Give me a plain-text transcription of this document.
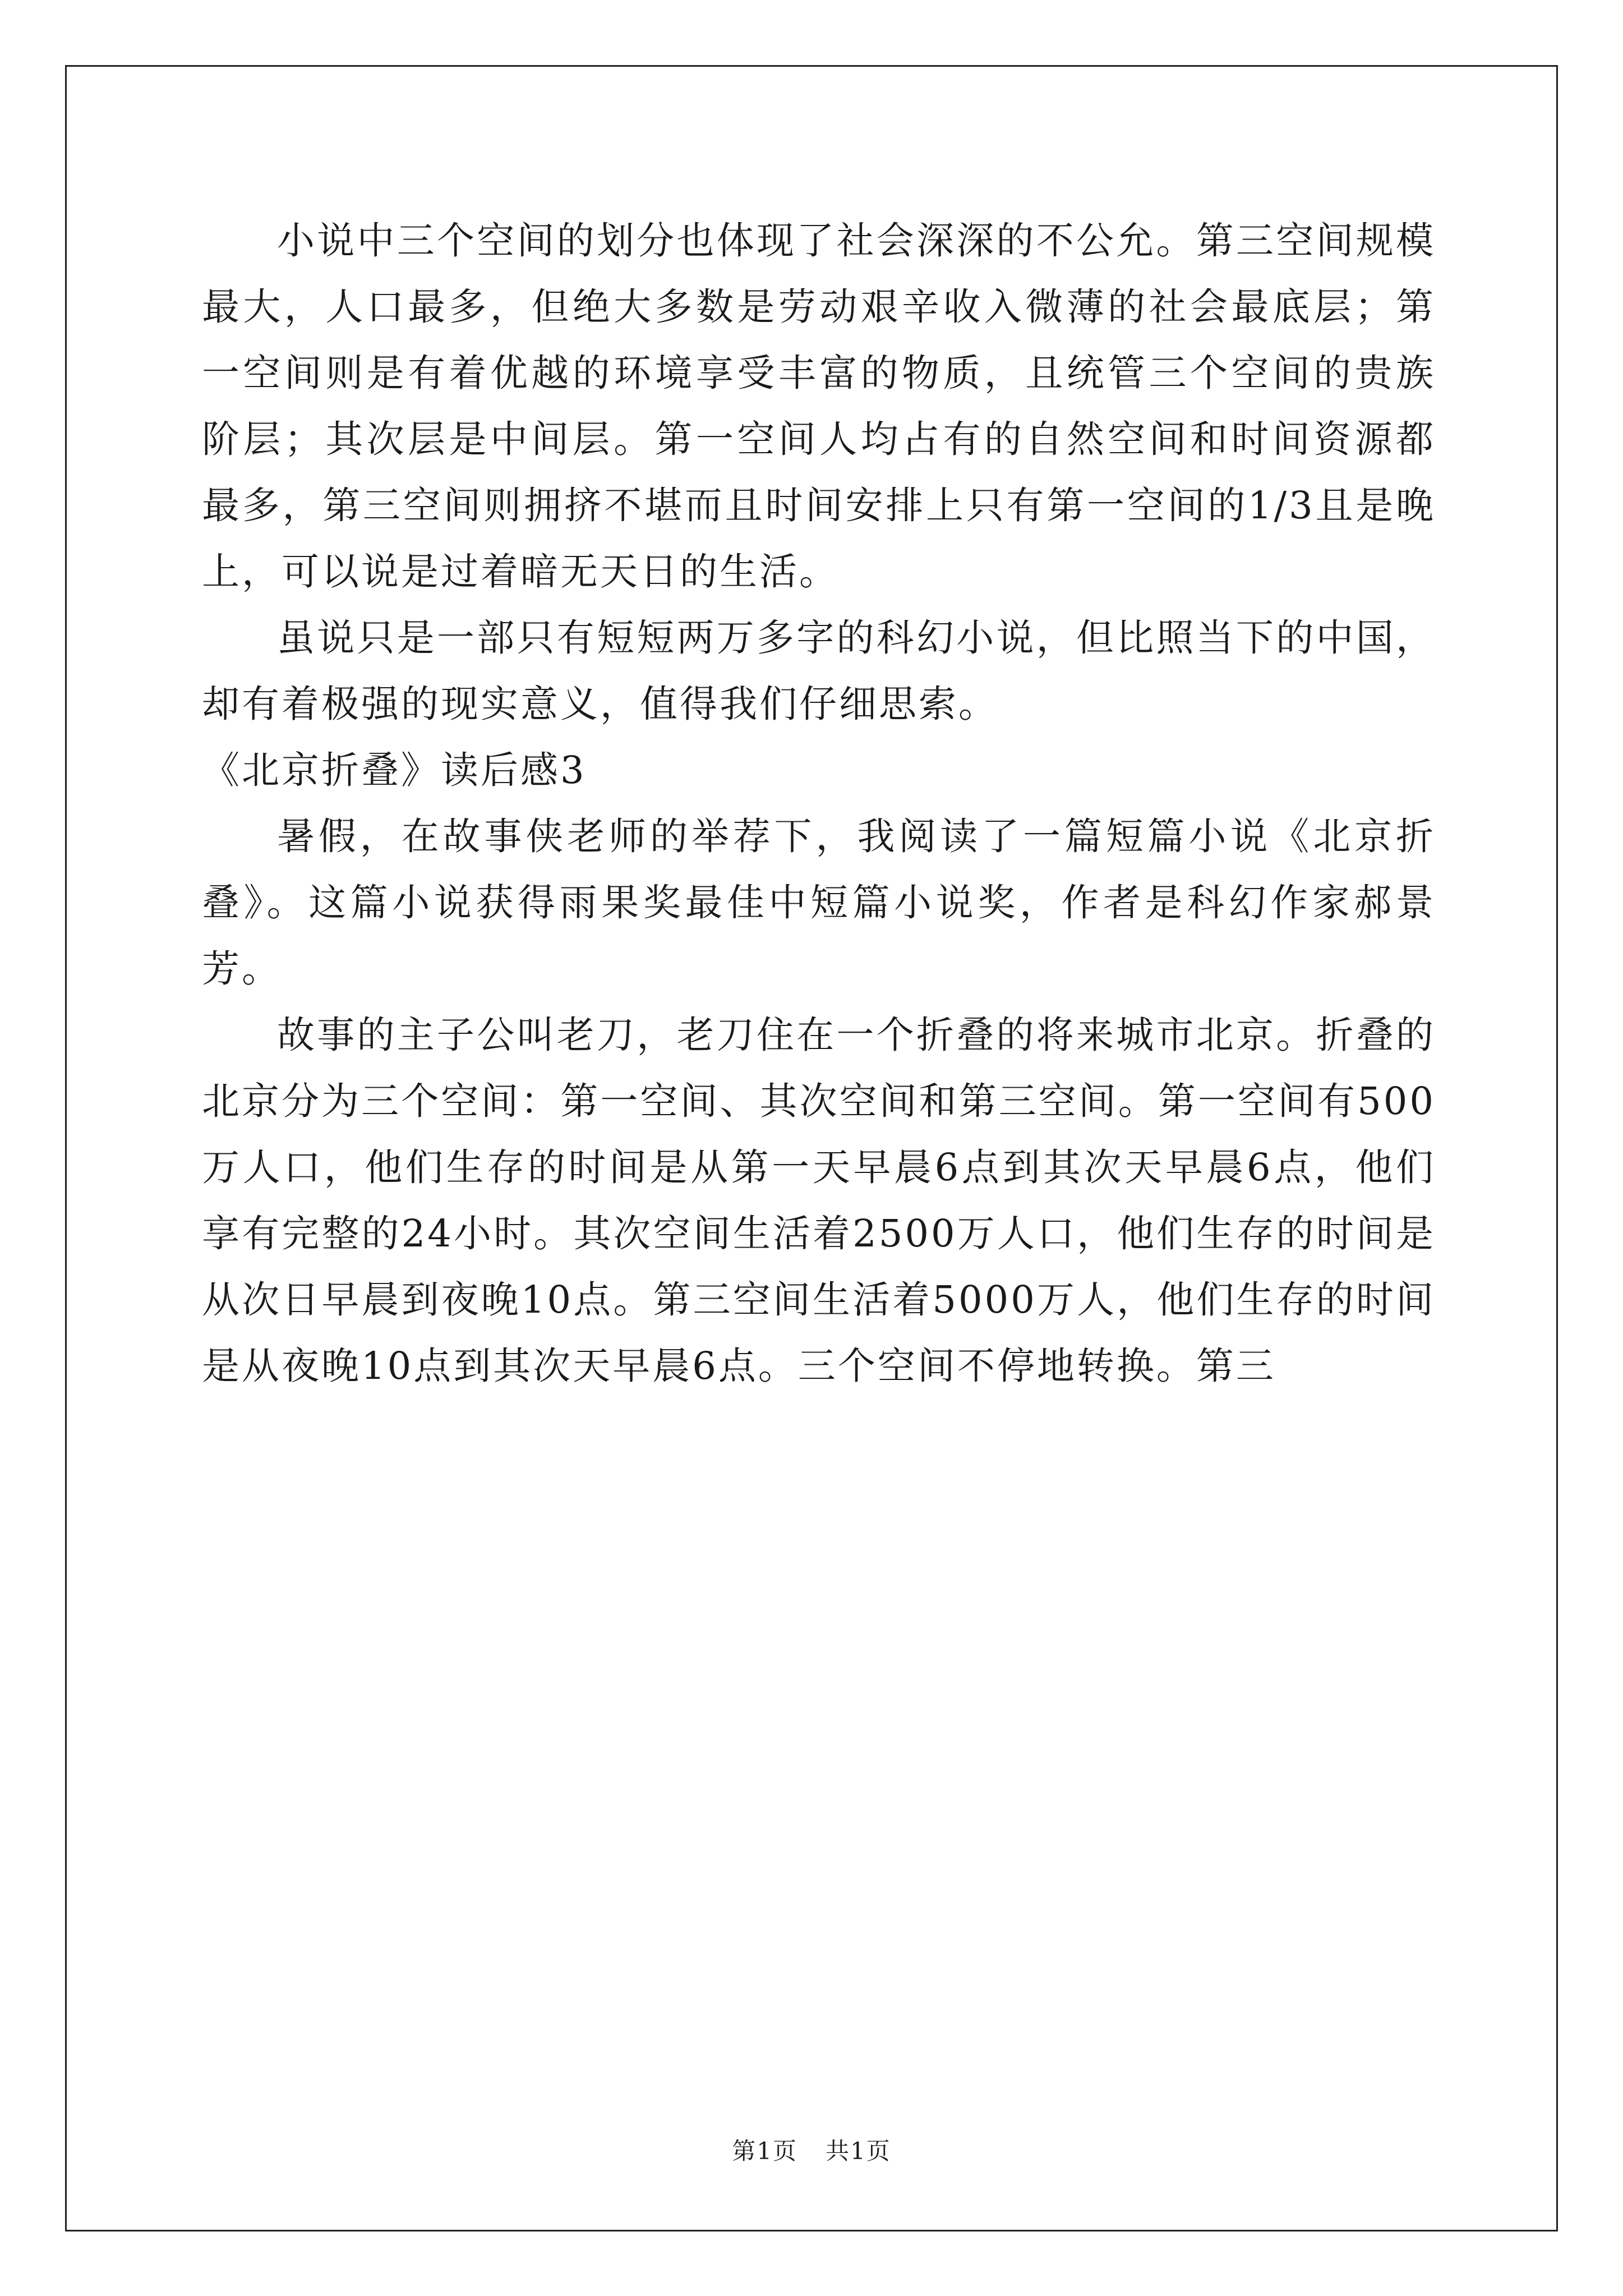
小说中三个空间的划分也体现了社会深深的不公允。第三空间规模最大，人口最多，但绝大多数是劳动艰辛收入微薄的社会最底层；第一空间则是有着优越的环境享受丰富的物质，且统管三个空间的贵族阶层；其次层是中间层。第一空间人均占有的自然空间和时间资源都最多，第三空间则拥挤不堪而且时间安排上只有第一空间的1/3且是晚上，可以说是过着暗无天日的生活。

虽说只是一部只有短短两万多字的科幻小说，但比照当下的中国，却有着极强的现实意义，值得我们仔细思索。

《北京折叠》读后感3

暑假，在故事侠老师的举荐下，我阅读了一篇短篇小说《北京折叠》。这篇小说获得雨果奖最佳中短篇小说奖，作者是科幻作家郝景芳。

故事的主子公叫老刀，老刀住在一个折叠的将来城市北京。折叠的北京分为三个空间：第一空间、其次空间和第三空间。第一空间有500万人口，他们生存的时间是从第一天早晨6点到其次天早晨6点，他们享有完整的24小时。其次空间生活着2500万人口，他们生存的时间是从次日早晨到夜晚10点。第三空间生活着5000万人，他们生存的时间是从夜晚10点到其次天早晨6点。三个空间不停地转换。第三

第1页 共1页
